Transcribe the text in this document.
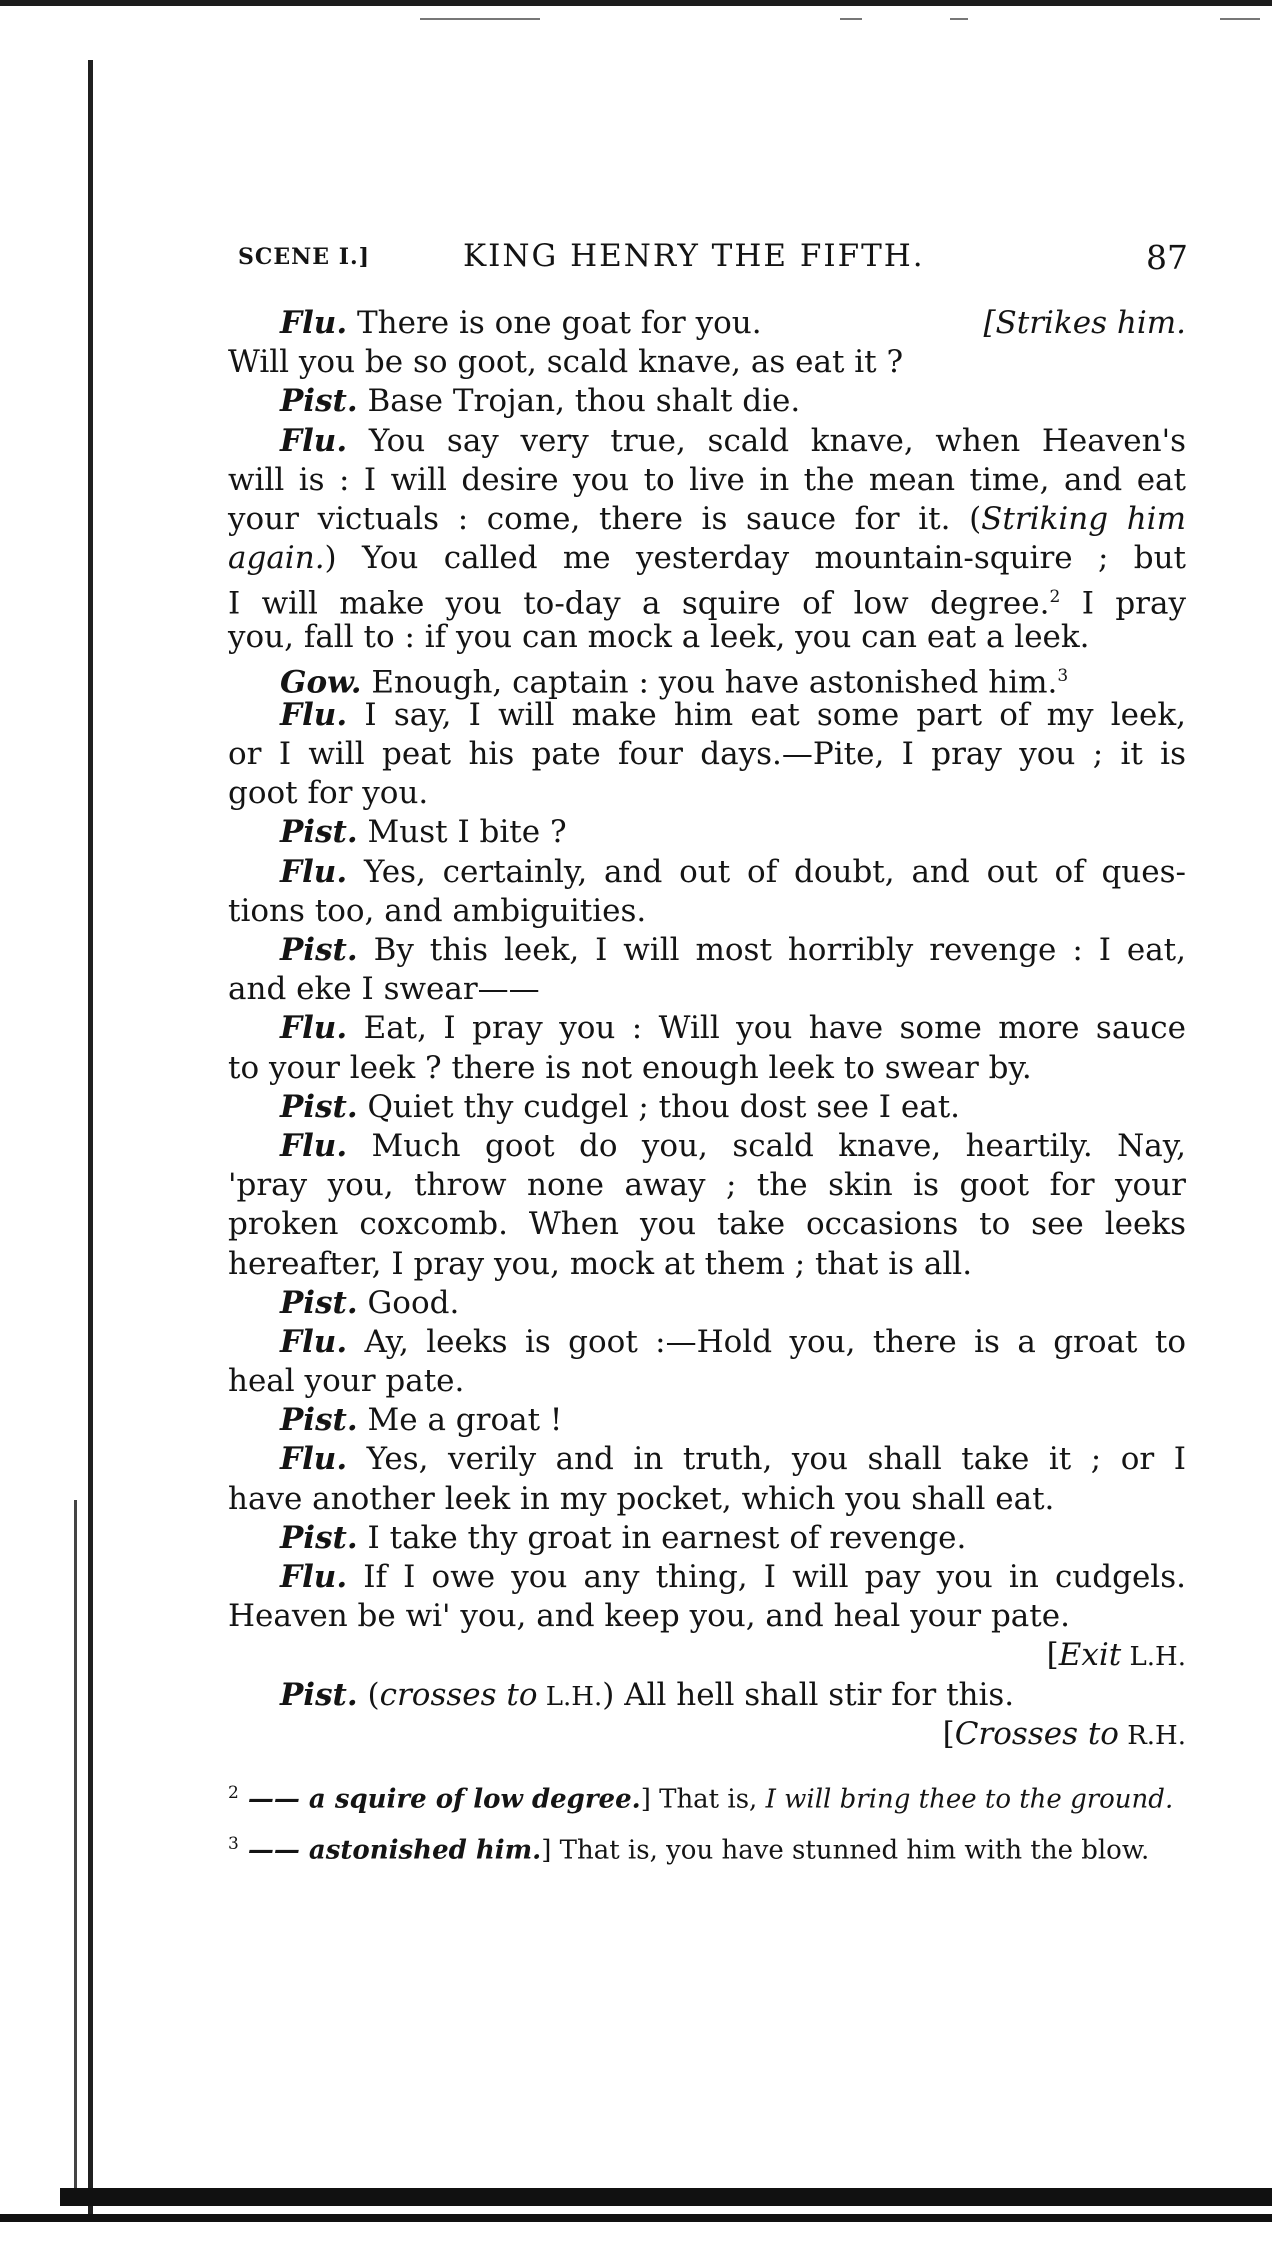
SCENE I.]	KING HENRY THE FIFTH.	87
Flu. There is one goat for you.	[Strikes him.
Will you be so goot, scald knave, as eat it ?
Pist. Base Trojan, thou shalt die.
Flu. You say very true, scald knave, when Heaven's
will is : I will desire you to live in the mean time, and eat
your victuals : come, there is sauce for it. (Striking him
again.) You called me yesterday mountain-squire ; but
I will make you to-day a squire of low degree.$^2$ I pray
you, fall to : if you can mock a leek, you can eat a leek.
Gow. Enough, captain : you have astonished him.$^3$
Flu. I say, I will make him eat some part of my leek,
or I will peat his pate four days.—Pite, I pray you ; it is
goot for you.
Pist. Must I bite ?
Flu. Yes, certainly, and out of doubt, and out of ques-
tions too, and ambiguities.
Pist. By this leek, I will most horribly revenge : I eat,
and eke I swear——
Flu. Eat, I pray you : Will you have some more sauce
to your leek ? there is not enough leek to swear by.
Pist. Quiet thy cudgel ; thou dost see I eat.
Flu. Much goot do you, scald knave, heartily. Nay,
'pray you, throw none away ; the skin is goot for your
proken coxcomb. When you take occasions to see leeks
hereafter, I pray you, mock at them ; that is all.
Pist. Good.
Flu. Ay, leeks is goot :—Hold you, there is a groat to
heal your pate.
Pist. Me a groat !
Flu. Yes, verily and in truth, you shall take it ; or I
have another leek in my pocket, which you shall eat.
Pist. I take thy groat in earnest of revenge.
Flu. If I owe you any thing, I will pay you in cudgels.
Heaven be wi' you, and keep you, and heal your pate.
[Exit L.H.
Pist. (crosses to L.H.) All hell shall stir for this.
[Crosses to R.H.
$^2$ —— a squire of low degree.] That is, I will bring thee to the ground.
$^3$ —— astonished him.] That is, you have stunned him with the blow.
